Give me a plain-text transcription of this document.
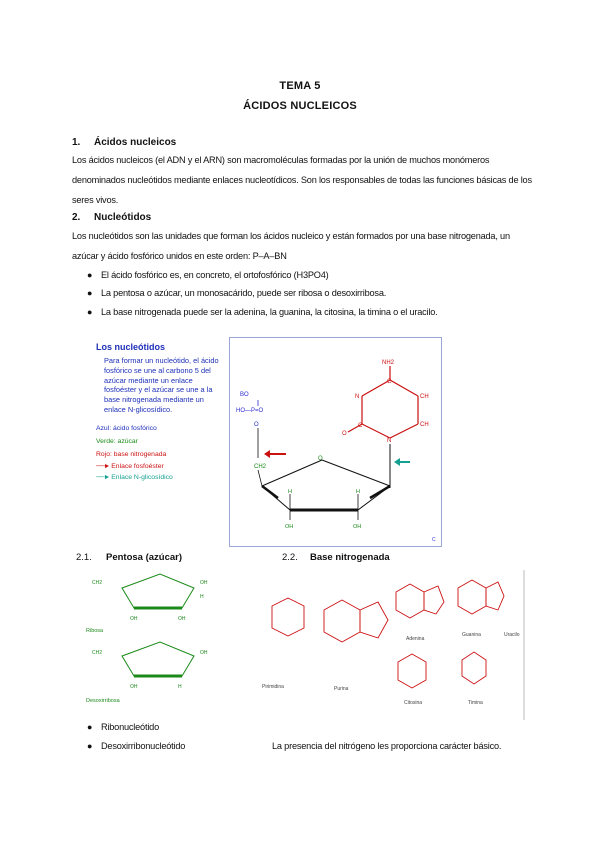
TEMA 5
ÁCIDOS NUCLEICOS
1. Ácidos nucleicos
Los ácidos nucleicos (el ADN y el ARN) son macromoléculas formadas por la unión de muchos monómeros denominados nucleótidos mediante enlaces nucleotídicos. Son los responsables de todas las funciones básicas de los seres vivos.
2. Nucleótidos
Los nucleótidos son las unidades que forman los ácidos nucleico y están formados por una base nitrogenada, un azúcar y ácido fosfórico unidos en este orden: P–A–BN
● El ácido fosfórico es, en concreto, el ortofosfórico (H3PO4)
● La pentosa o azúcar, un monosacárido, puede ser ribosa o desoxirribosa.
● La base nitrogenada puede ser la adenina, la guanina, la citosina, la timina o el uracilo.
Los nucleótidos
Para formar un nucleótido, el ácido fosfórico se une al carbono 5 del azúcar mediante un enlace fosfoéster y el azúcar se une a la base nitrogenada mediante un enlace N-glicosídico.
Azul: ácido fosfórico
Verde: azúcar
Rojo: base nitrogenada
──► Enlace fosfoéster
──► Enlace N-glicosídico
NH2
C
CH
CH
N
C
O
N
O
OH	OH
H	H
BO
HO—P=O
O
CH2
C
2.1. Pentosa (azúcar)	2.2. Base nitrogenada
CH2	OH
H
OH	OH
Ribosa
CH2	OH
OH	H
Desoxirribosa
Pirimidina	Purina
Adenina
Guanina
Citosina	Timina
Uracilo
● Ribonucleótido
● Desoxirribonucleótido	La presencia del nitrógeno les proporciona carácter básico.
